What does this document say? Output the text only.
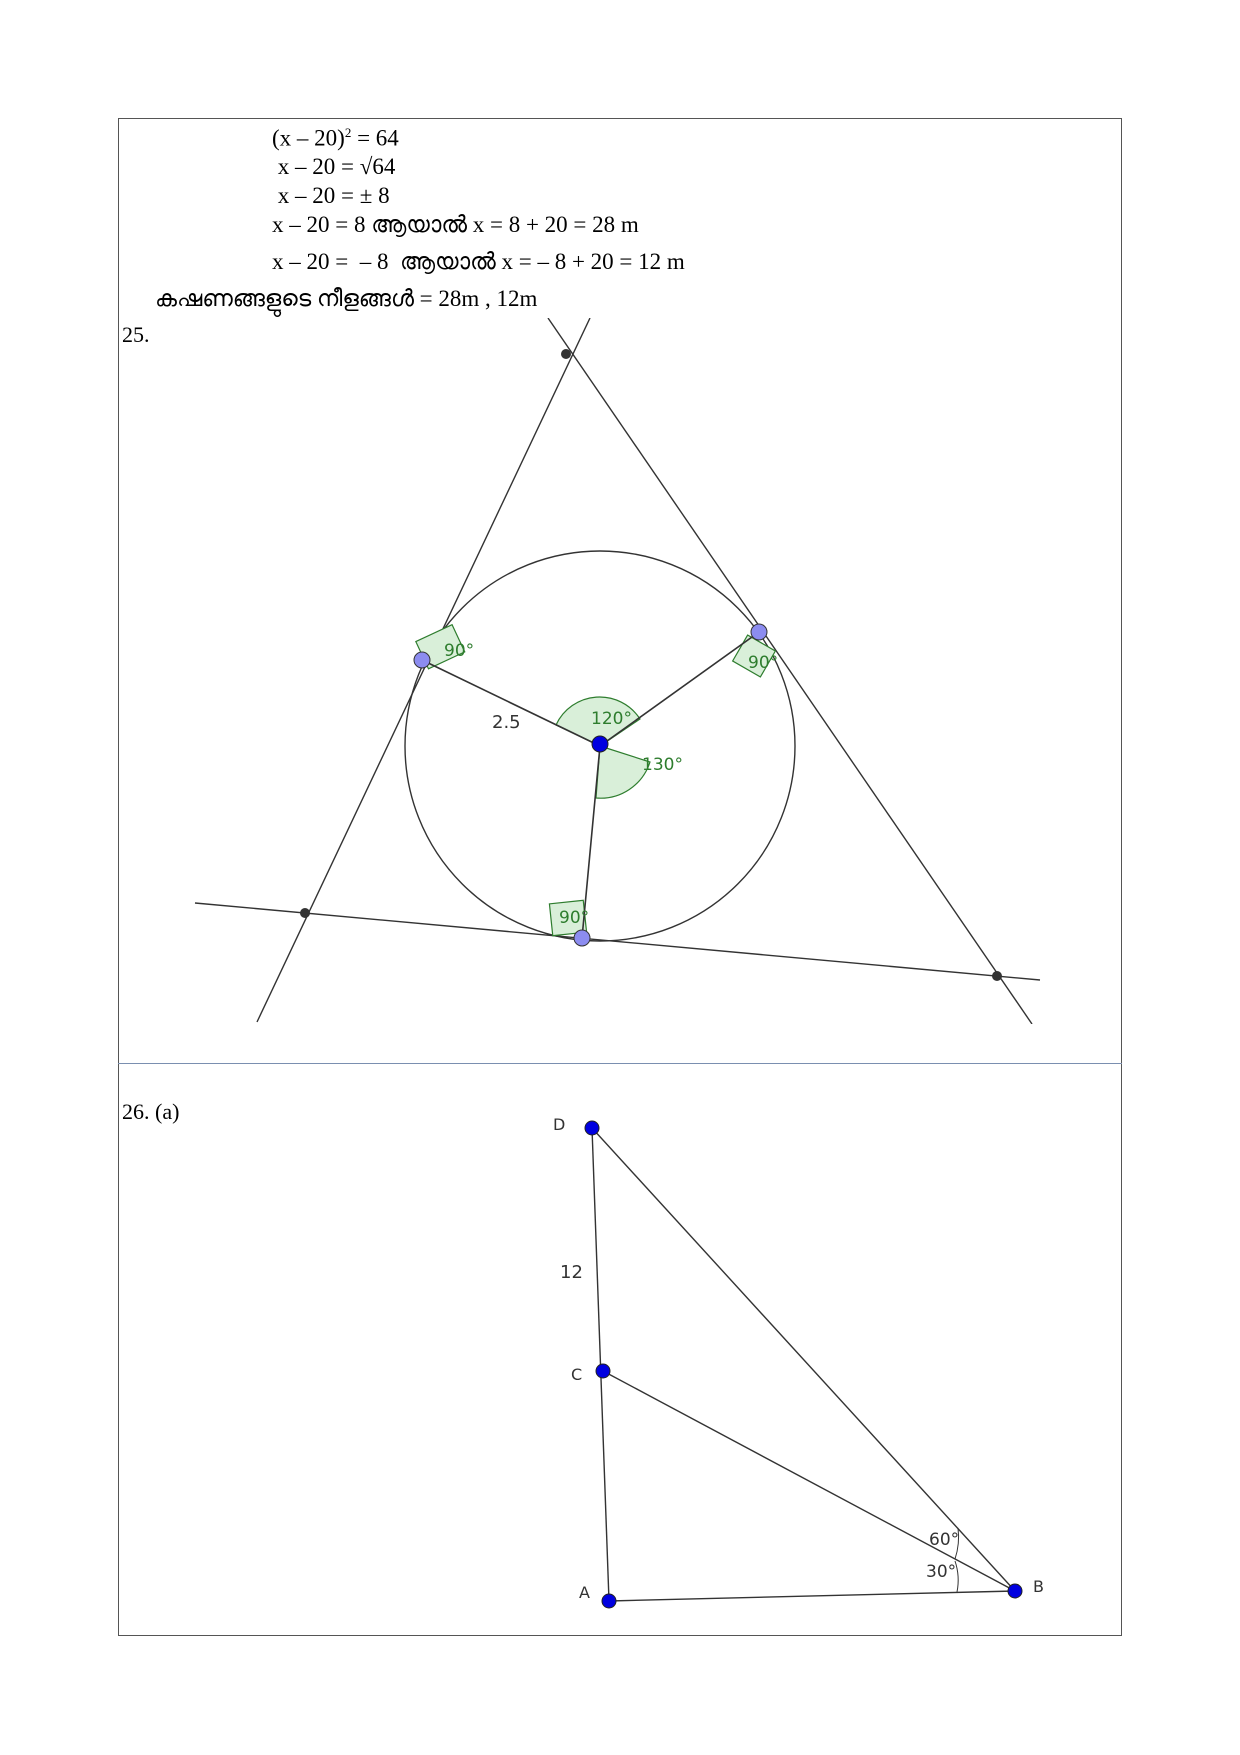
(x – 20)$^2$ = 64
x – 20 = √64
x – 20 = ± 8
x – 20 = 8 ആയാൽ x = 8 + 20 = 28 m
x – 20 =  – 8  ആയാൽ x = – 8 + 20 = 12 m
കഷണങ്ങളുടെ നീളങ്ങൾ = 28m , 12m
25.
26. (a)
2.5
90°
90°
90°
120°
130°
D
C
A	B
12
60°
30°
